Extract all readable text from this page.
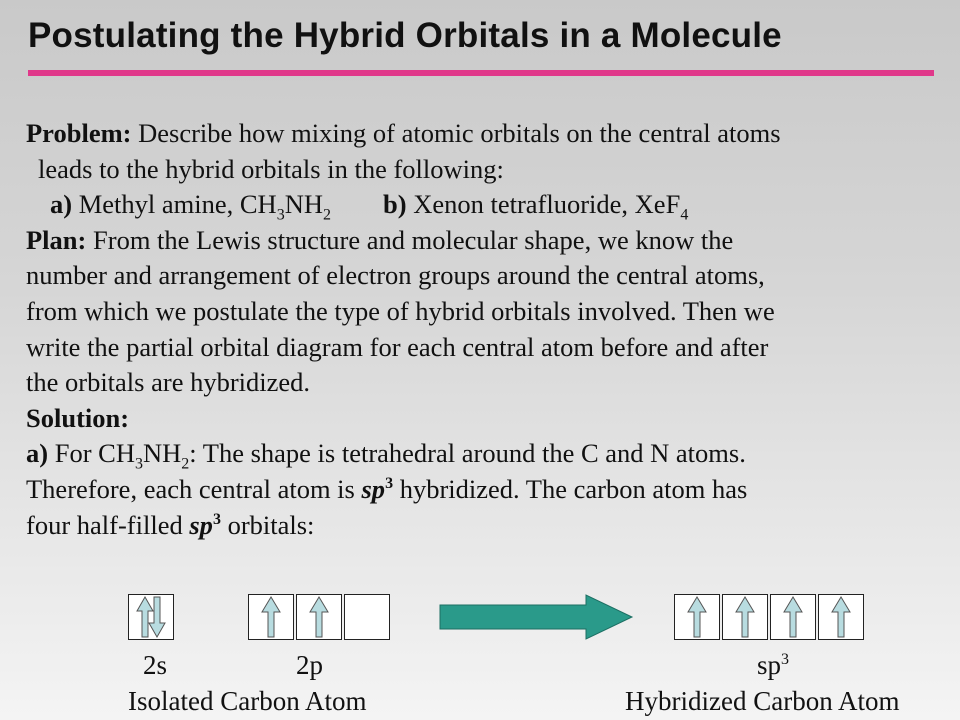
Postulating the Hybrid Orbitals in a Molecule
Problem: Describe how mixing of atomic orbitals on the central atoms
leads to the hybrid orbitals in the following:
a) Methyl amine, $CH_3NH_2$ b) Xenon tetrafluoride, XeF$_4$
Plan: From the Lewis structure and molecular shape, we know the
number and arrangement of electron groups around the central atoms,
from which we postulate the type of hybrid orbitals involved. Then we
write the partial orbital diagram for each central atom before and after
the orbitals are hybridized.
Solution:
a) For $CH_3NH_2$: The shape is tetrahedral around the C and N atoms.
Therefore, each central atom is $sp^3$ hybridized. The carbon atom has
four half-filled $sp^3$ orbitals:
2s	2p	$sp^3$
Isolated Carbon Atom	Hybridized Carbon Atom
